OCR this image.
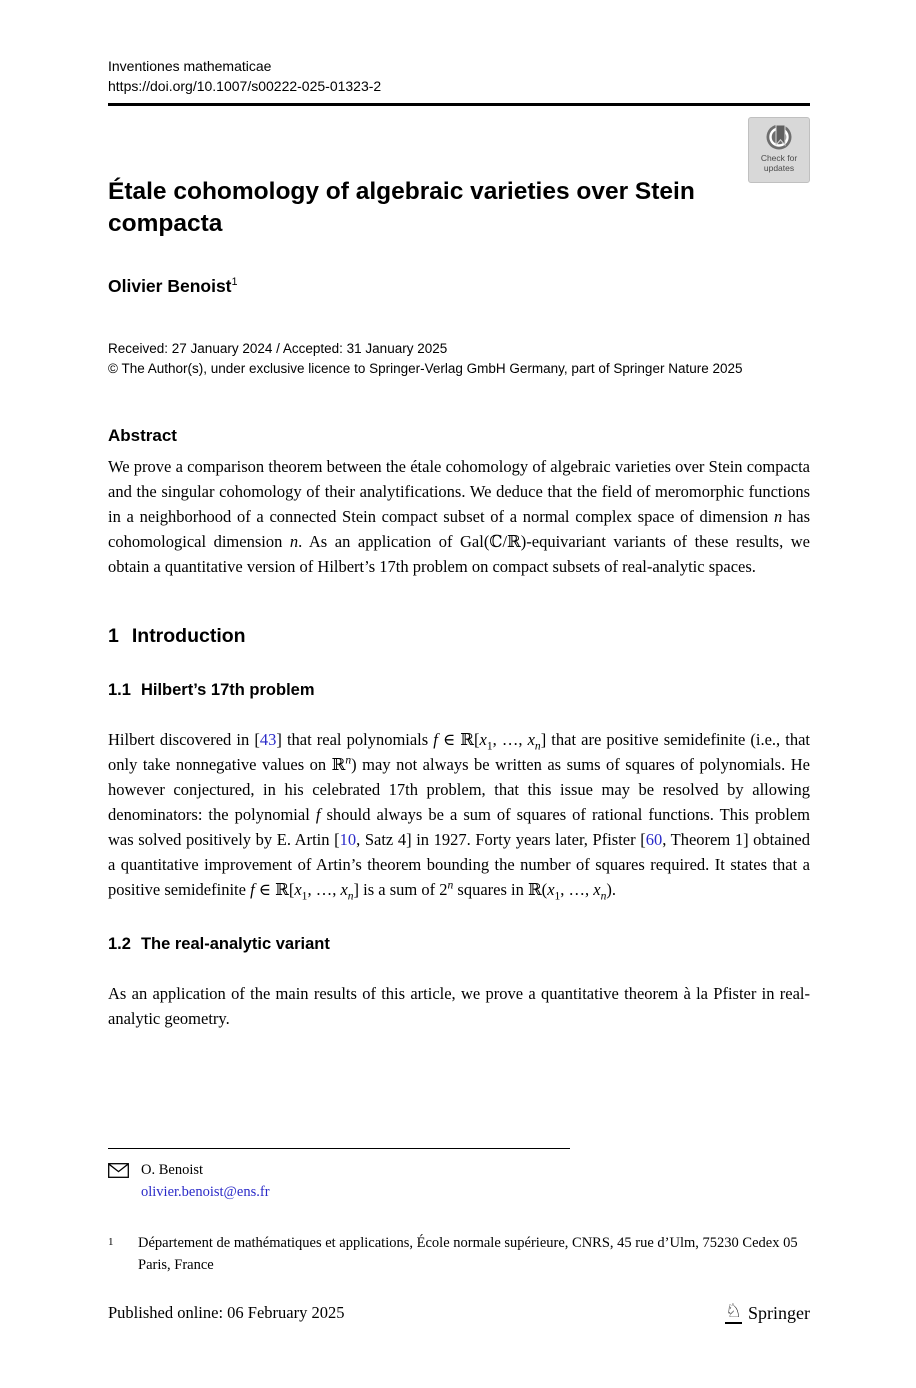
Inventiones mathematicae
https://doi.org/10.1007/s00222-025-01323-2
Check for
updates
Étale cohomology of algebraic varieties over Stein compacta
Olivier Benoist$^1$
Received: 27 January 2024 / Accepted: 31 January 2025
© The Author(s), under exclusive licence to Springer-Verlag GmbH Germany, part of Springer Nature 2025
Abstract
We prove a comparison theorem between the étale cohomology of algebraic varieties over Stein compacta and the singular cohomology of their analytifications. We deduce that the field of meromorphic functions in a neighborhood of a connected Stein compact subset of a normal complex space of dimension n has cohomological dimension n. As an application of Gal(ℂ/ℝ)-equivariant variants of these results, we obtain a quantitative version of Hilbert’s 17th problem on compact subsets of real-analytic spaces.
1 Introduction
1.1 Hilbert’s 17th problem
Hilbert discovered in [43] that real polynomials f ∈ $ℝ[x_1$, …, $x_n$] that are positive semidefinite (i.e., that only take nonnegative values on ℝ$^n$) may not always be written as sums of squares of polynomials. He however conjectured, in his celebrated 17th problem, that this issue may be resolved by allowing denominators: the polynomial f should always be a sum of squares of rational functions. This problem was solved positively by E. Artin [10, Satz 4] in 1927. Forty years later, Pfister [60, Theorem 1] obtained a quantitative improvement of Artin’s theorem bounding the number of squares required. It states that a positive semidefinite f ∈ $ℝ[x_1$, …, $x_n$] is a sum of 2$^n$ squares in $ℝ(x_1$, …, $x_n$).
1.2 The real-analytic variant
As an application of the main results of this article, we prove a quantitative theorem à la Pfister in real-analytic geometry.
O. Benoist
olivier.benoist@ens.fr
1	Département de mathématiques et applications, École normale supérieure, CNRS, 45 rue d’Ulm, 75230 Cedex 05 Paris, France
Published online: 06 February 2025	♘ Springer
